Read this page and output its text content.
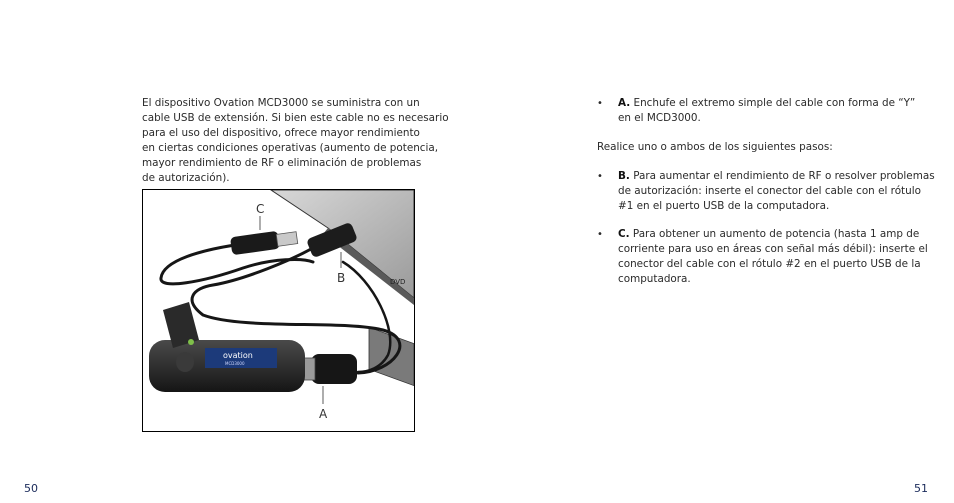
El dispositivo Ovation MCD3000 se suministra con un
cable USB de extensión. Si bien este cable no es necesario
para el uso del dispositivo, ofrece mayor rendimiento
en ciertas condiciones operativas (aumento de potencia,
mayor rendimiento de RF o eliminación de problemas
de autorización).

DVD
ovation
MCD3000
C
B
A
50
• A. Enchufe el extremo simple del cable con forma de “Y”
en el MCD3000.
Realice uno o ambos de los siguientes pasos:
• B. Para aumentar el rendimiento de RF o resolver problemas
de autorización: inserte el conector del cable con el rótulo
#1 en el puerto USB de la computadora.
• C. Para obtener un aumento de potencia (hasta 1 amp de
corriente para uso en áreas con señal más débil): inserte el
conector del cable con el rótulo #2 en el puerto USB de la
computadora.
51
